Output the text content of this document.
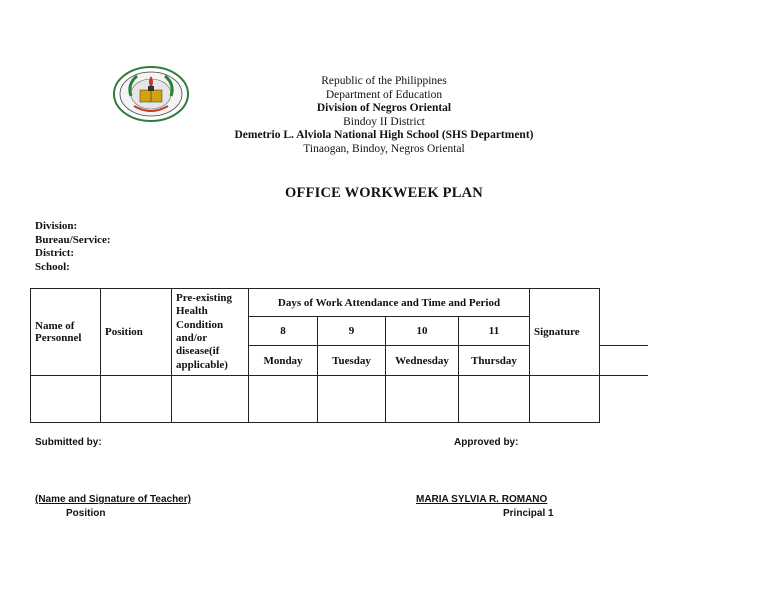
Republic of the Philippines
Department of Education
Division of Negros Oriental
Bindoy II District
Demetrio L. Alviola National High School (SHS Department)
Tinaogan, Bindoy, Negros Oriental
OFFICE WORKWEEK PLAN
Division:
Bureau/Service:
District:
School:
Name of Personnel	Position	Pre-existing Health Condition and/or disease(if applicable)	Days of Work Attendance and Time and Period				Signature	
			8	9	10	11		
			Monday	Tuesday	Wednesday	Thursday		

Submitted by:	Approved by:
(Name and Signature of Teacher)
Position
MARIA SYLVIA R. ROMANO
Principal 1
